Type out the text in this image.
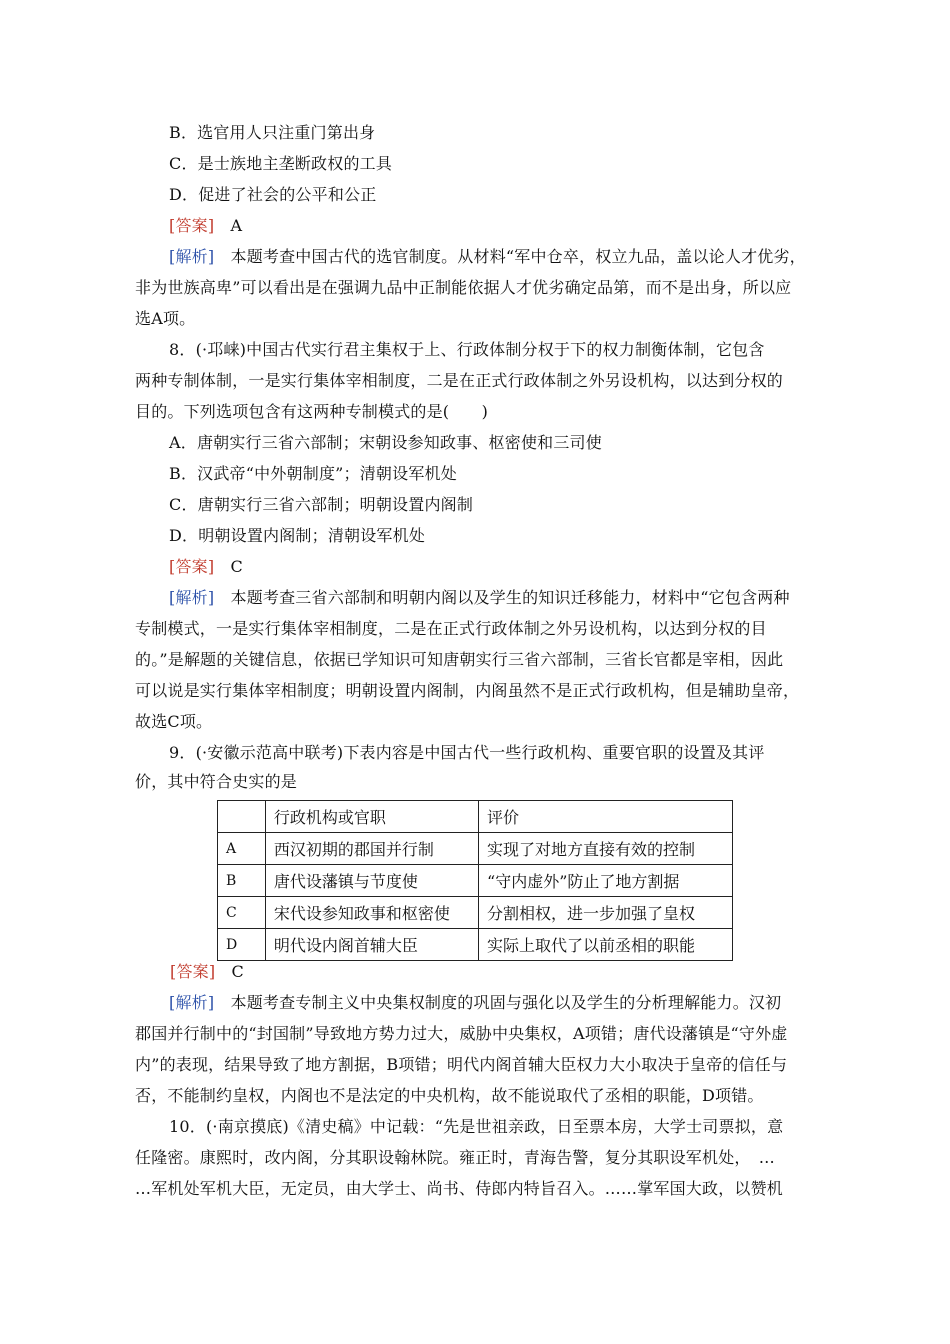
B．选官用人只注重门第出身
C．是士族地主垄断政权的工具
D．促进了社会的公平和公正
[答案]　 A
[解析]　 本题考查中国古代的选官制度。从材料“军中仓卒，权立九品，盖以论人才优劣，
非为世族高卑”可以看出是在强调九品中正制能依据人才优劣确定品第，而不是出身，所以应
选A项。
8．(·邛崃)中国古代实行君主集权于上、行政体制分权于下的权力制衡体制，它包含
两种专制体制，一是实行集体宰相制度，二是在正式行政体制之外另设机构，以达到分权的
目的。下列选项包含有这两种专制模式的是(　　)
A．唐朝实行三省六部制；宋朝设参知政事、枢密使和三司使
B．汉武帝“中外朝制度”；清朝设军机处
C．唐朝实行三省六部制；明朝设置内阁制
D．明朝设置内阁制；清朝设军机处
[答案]　 C
[解析]　 本题考查三省六部制和明朝内阁以及学生的知识迁移能力，材料中“它包含两种
专制模式，一是实行集体宰相制度，二是在正式行政体制之外另设机构，以达到分权的目
的。”是解题的关键信息，依据已学知识可知唐朝实行三省六部制，三省长官都是宰相，因此
可以说是实行集体宰相制度；明朝设置内阁制，内阁虽然不是正式行政机构，但是辅助皇帝，
故选C项。
9．(·安徽示范高中联考)下表内容是中国古代一些行政机构、重要官职的设置及其评
价，其中符合史实的是
	行政机构或官职	评价
A	西汉初期的郡国并行制	实现了对地方直接有效的控制
B	唐代设藩镇与节度使	“守内虚外”防止了地方割据
C	宋代设参知政事和枢密使	分割相权，进一步加强了皇权
D	明代设内阁首辅大臣	实际上取代了以前丞相的职能
[答案]　 C
[解析]　 本题考查专制主义中央集权制度的巩固与强化以及学生的分析理解能力。汉初
郡国并行制中的“封国制”导致地方势力过大，威胁中央集权，A项错；唐代设藩镇是“守外虚
内”的表现，结果导致了地方割据，B项错；明代内阁首辅大臣权力大小取决于皇帝的信任与
否，不能制约皇权，内阁也不是法定的中央机构，故不能说取代了丞相的职能，D项错。
10．(·南京摸底)《清史稿》中记载：“先是世祖亲政，日至票本房，大学士司票拟，意
任隆密。康熙时，改内阁，分其职设翰林院。雍正时，青海告警，复分其职设军机处，　…
…军机处军机大臣，无定员，由大学士、尚书、侍郎内特旨召入。……掌军国大政，以赞机
